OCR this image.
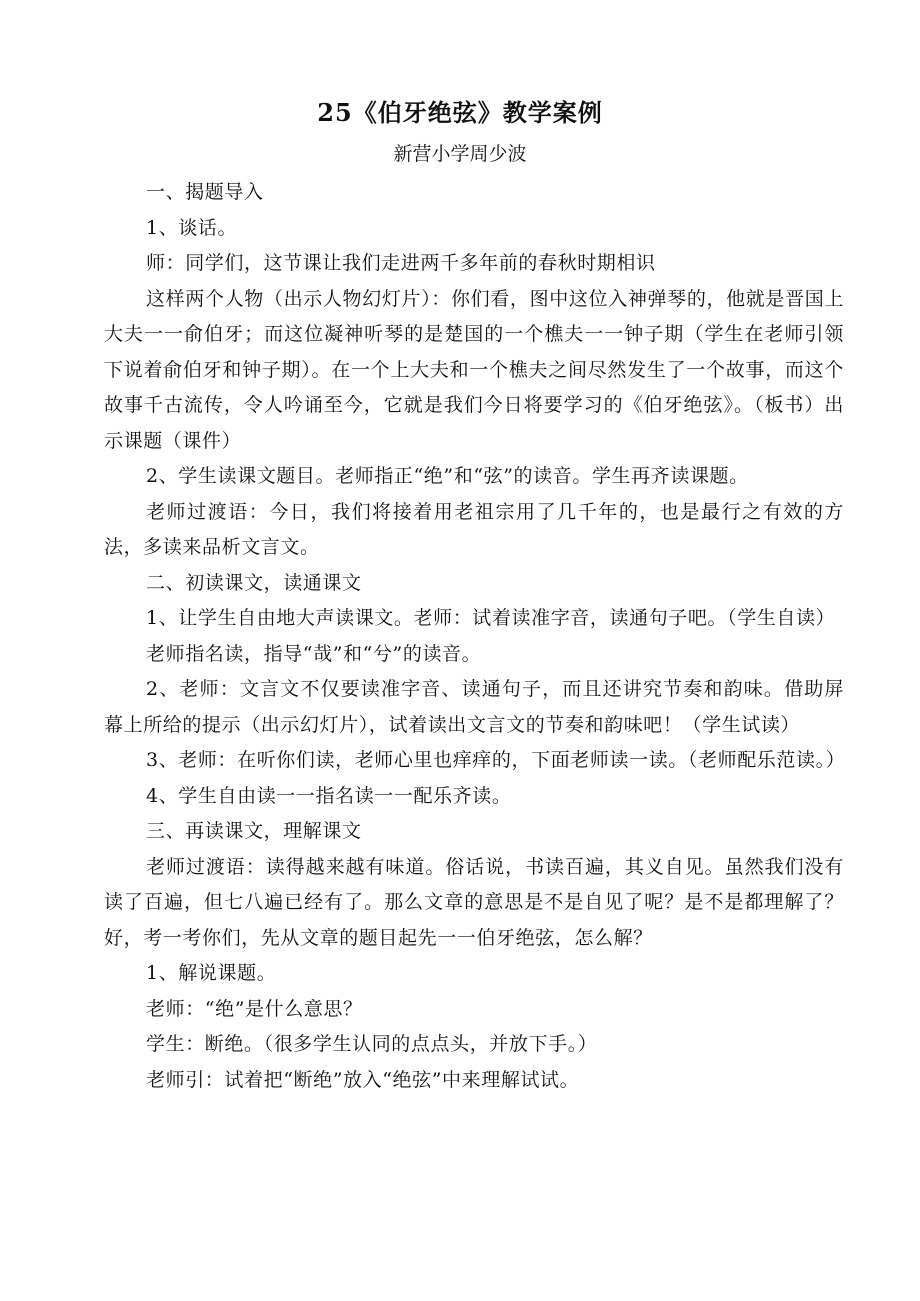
25《伯牙绝弦》教学案例
新营小学周少波

一、揭题导入

1、谈话。

师：同学们，这节课让我们走进两千多年前的春秋时期相识

这样两个人物（出示人物幻灯片）：你们看，图中这位入神弹琴的，他就是晋国上大夫一一俞伯牙；而这位凝神听琴的是楚国的一个樵夫一一钟子期（学生在老师引领下说着俞伯牙和钟子期）。在一个上大夫和一个樵夫之间尽然发生了一个故事，而这个故事千古流传，令人吟诵至今，它就是我们今日将要学习的《伯牙绝弦》。（板书）出示课题（课件）

2、学生读课文题目。老师指正“绝”和“弦”的读音。学生再齐读课题。

老师过渡语：今日，我们将接着用老祖宗用了几千年的，也是最行之有效的方法，多读来品析文言文。

二、初读课文，读通课文

1、让学生自由地大声读课文。老师：试着读准字音，读通句子吧。（学生自读）

老师指名读，指导“哉”和“兮”的读音。

2、老师：文言文不仅要读准字音、读通句子，而且还讲究节奏和韵味。借助屏幕上所给的提示（出示幻灯片），试着读出文言文的节奏和韵味吧！（学生试读）

3、老师：在听你们读，老师心里也痒痒的，下面老师读一读。（老师配乐范读。）

4、学生自由读一一指名读一一配乐齐读。

三、再读课文，理解课文

老师过渡语：读得越来越有味道。俗话说，书读百遍，其义自见。虽然我们没有读了百遍，但七八遍已经有了。那么文章的意思是不是自见了呢？是不是都理解了？好，考一考你们，先从文章的题目起先一一伯牙绝弦，怎么解？

1、解说课题。

老师：“绝”是什么意思？

学生：断绝。（很多学生认同的点点头，并放下手。）

老师引：试着把“断绝”放入“绝弦”中来理解试试。
